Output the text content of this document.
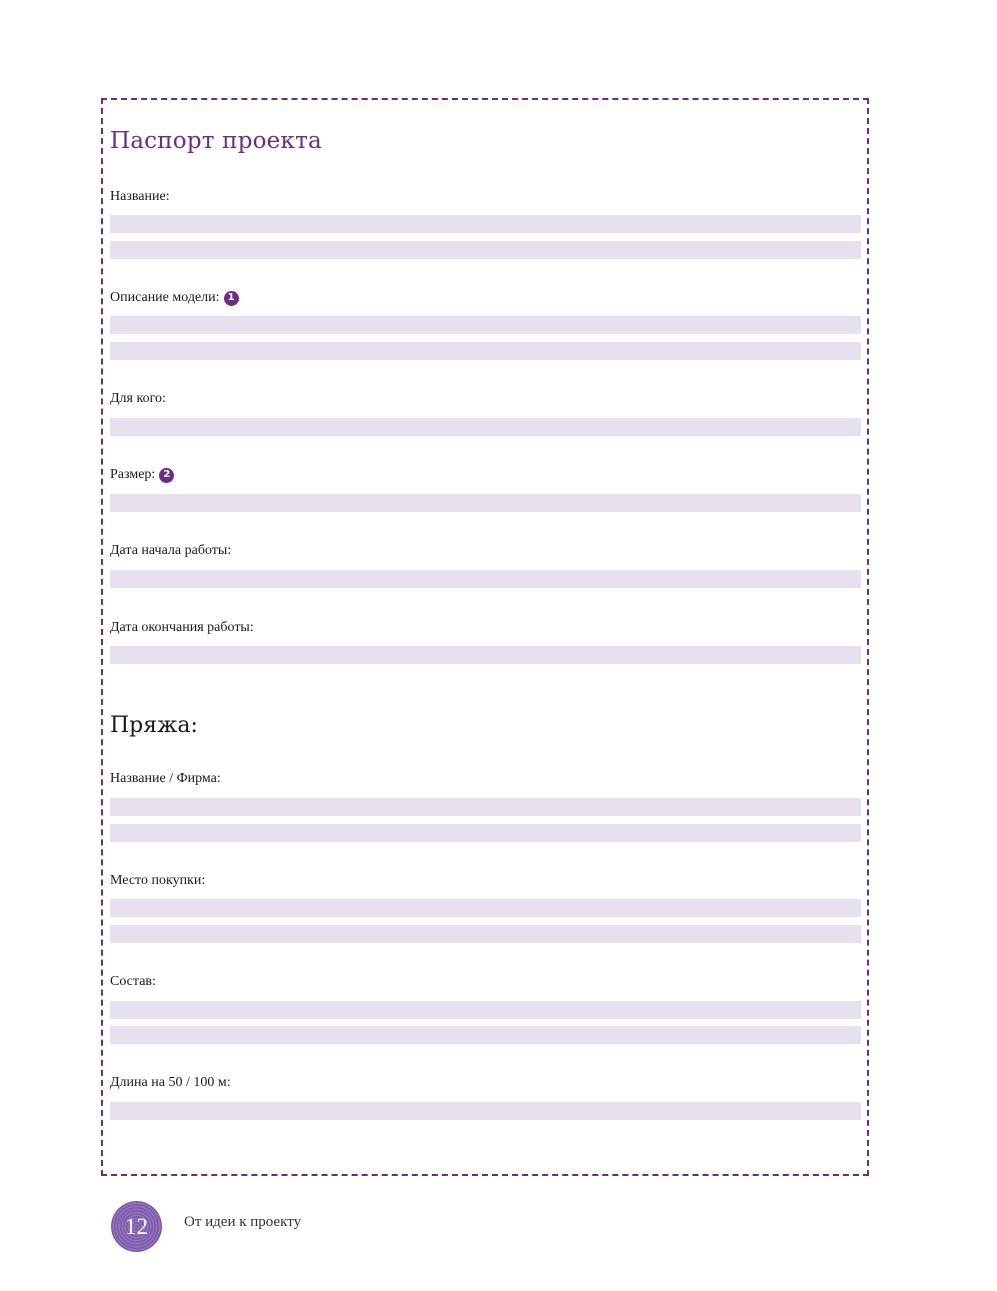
Паспорт проекта
Название:
Описание модели: 1
Для кого:
Размер: 2
Дата начала работы:
Дата окончания работы:
Пряжа:
Название / Фирма:
Место покупки:
Состав:
Длина на 50 / 100 м:
12 От идеи к проекту
